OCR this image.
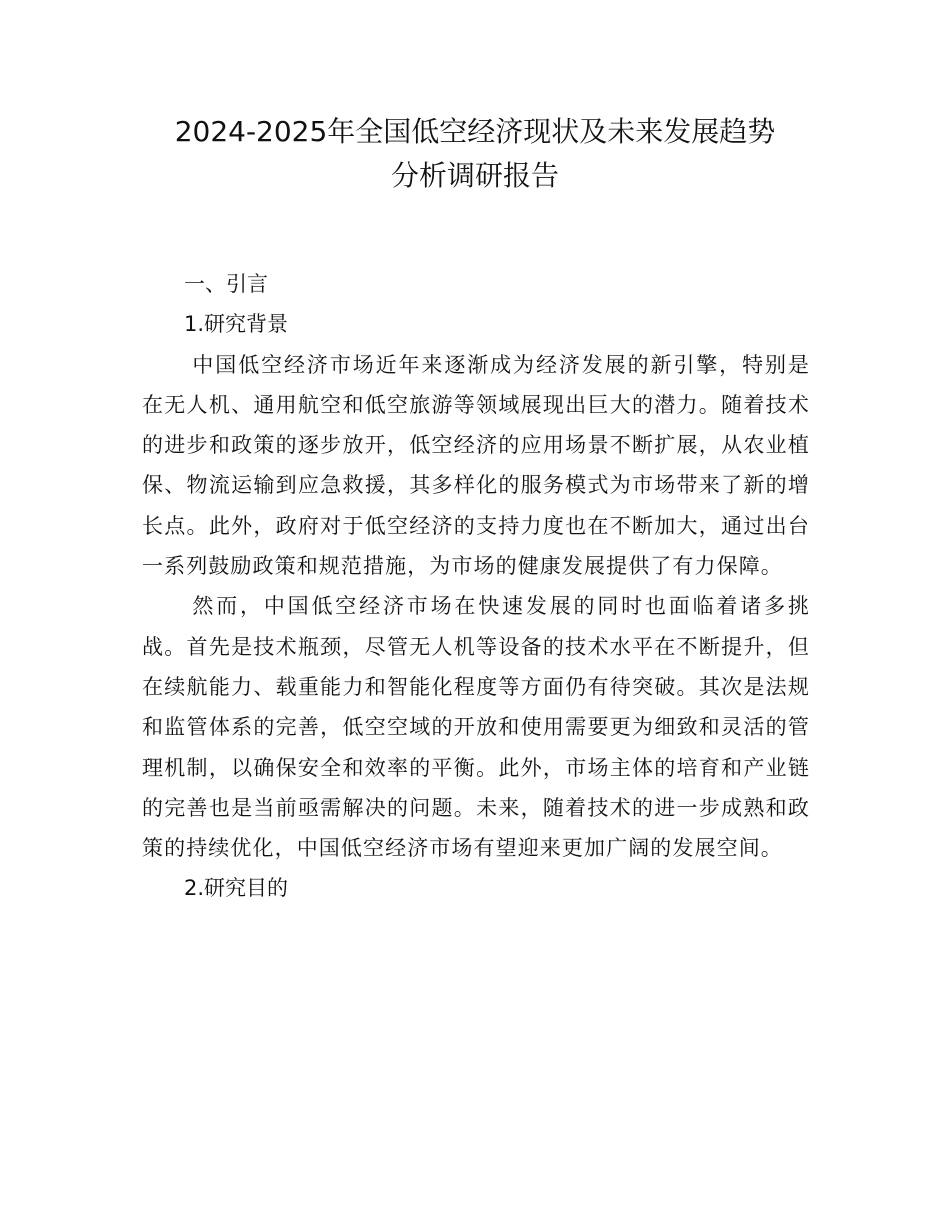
2024-2025年全国低空经济现状及未来发展趋势
分析调研报告

一、引言

1.研究背景

中国低空经济市场近年来逐渐成为经济发展的新引擎，特别是在无人机、通用航空和低空旅游等领域展现出巨大的潜力。随着技术的进步和政策的逐步放开，低空经济的应用场景不断扩展，从农业植保、物流运输到应急救援，其多样化的服务模式为市场带来了新的增长点。此外，政府对于低空经济的支持力度也在不断加大，通过出台一系列鼓励政策和规范措施，为市场的健康发展提供了有力保障。

然而，中国低空经济市场在快速发展的同时也面临着诸多挑战。首先是技术瓶颈，尽管无人机等设备的技术水平在不断提升，但在续航能力、载重能力和智能化程度等方面仍有待突破。其次是法规和监管体系的完善，低空空域的开放和使用需要更为细致和灵活的管理机制，以确保安全和效率的平衡。此外，市场主体的培育和产业链的完善也是当前亟需解决的问题。未来，随着技术的进一步成熟和政策的持续优化，中国低空经济市场有望迎来更加广阔的发展空间。

2.研究目的
